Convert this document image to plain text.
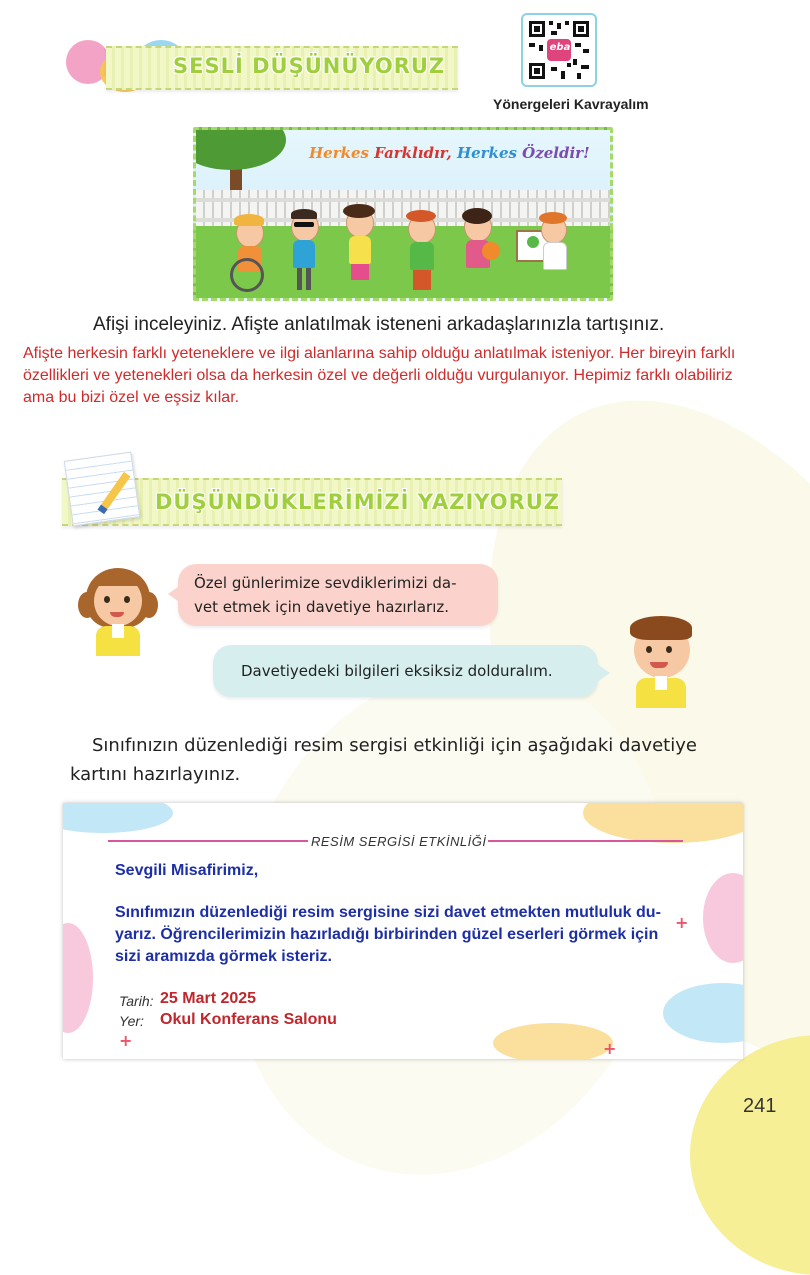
SESLİ DÜŞÜNÜYORUZ
eba
Yönergeleri Kavrayalım
Herkes Farklıdır, Herkes Özeldir!
Afişi inceleyiniz. Afişte anlatılmak isteneni arkadaşlarınızla tartışınız.
Afişte herkesin farklı yeteneklere ve ilgi alanlarına sahip olduğu anlatılmak isteniyor. Her bireyin farklı
özellikleri ve yetenekleri olsa da herkesin özel ve değerli olduğu vurgulanıyor. Hepimiz farklı olabiliriz
ama bu bizi özel ve eşsiz kılar.
DÜŞÜNDÜKLERİMİZİ YAZIYORUZ
Özel günlerimize sevdiklerimizi da-
vet etmek için davetiye hazırlarız.
Davetiyedeki bilgileri eksiksiz dolduralım.
Sınıfınızın düzenlediği resim sergisi etkinliği için aşağıdaki davetiye
kartını hazırlayınız.
+	+
+
RESİM SERGİSİ ETKİNLİĞİ
Sevgili Misafirimiz,
Sınıfımızın düzenlediği resim sergisine sizi davet etmekten mutluluk du-
yarız. Öğrencilerimizin hazırladığı birbirinden güzel eserleri görmek için
sizi aramızda görmek isteriz.
Tarih: 25 Mart 2025
Yer: Okul Konferans Salonu
241
